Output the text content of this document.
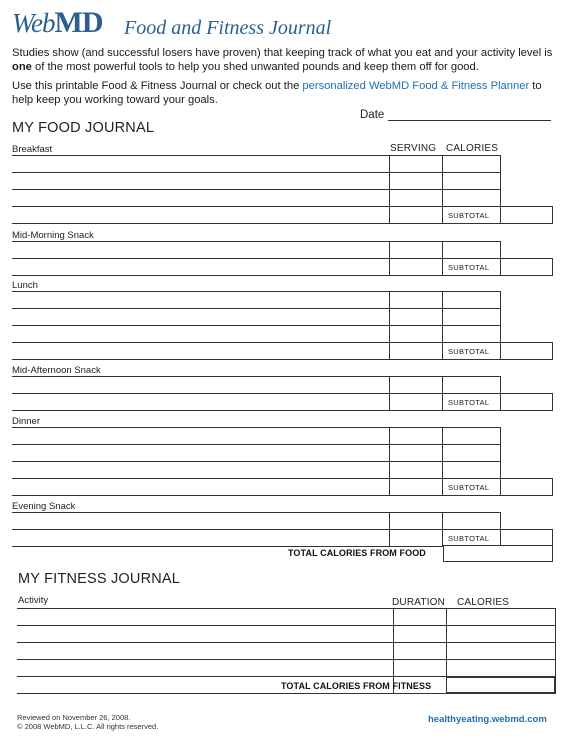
WebMD Food and Fitness Journal
Studies show (and successful losers have proven) that keeping track of what you eat and your activity level is
one of the most powerful tools to help you shed unwanted pounds and keep them off for good.
Use this printable Food & Fitness Journal or check out the personalized WebMD Food & Fitness Planner to
help keep you working toward your goals.
Date
MY FOOD JOURNAL
Breakfast	SERVING CALORIES
SUBTOTAL
Mid-Morning Snack
SUBTOTAL
Lunch
SUBTOTAL
Mid-Afternoon Snack
SUBTOTAL
Dinner
SUBTOTAL
Evening Snack
SUBTOTAL
TOTAL CALORIES FROM FOOD
MY FITNESS JOURNAL
Activity	DURATION CALORIES
TOTAL CALORIES FROM FITNESS
Reviewed on November 26, 2008.
© 2008 WebMD, L.L.C. All rights reserved.
healthyeating.webmd.com
